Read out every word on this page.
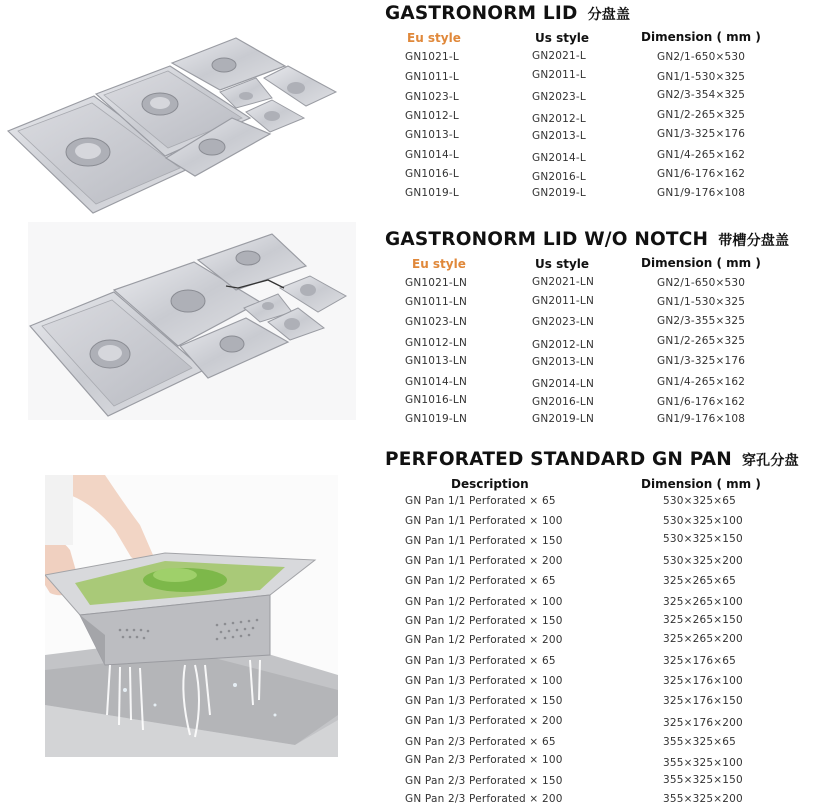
GASTRONORM LID 分盘盖
Eu style	Us style	Dimension ( mm )
GN1021-L	GN2021-L	GN2/1-650×530
GN1011-L	GN2011-L	GN1/1-530×325
GN1023-L	GN2023-L	GN2/3-354×325
GN1012-L	GN2012-L	GN1/2-265×325
GN1013-L	GN2013-L	GN1/3-325×176
GN1014-L	GN2014-L	GN1/4-265×162
GN1016-L	GN2016-L	GN1/6-176×162
GN1019-L	GN2019-L	GN1/9-176×108
GASTRONORM LID W/O NOTCH 带槽分盘盖
Eu style	Us style	Dimension ( mm )
GN1021-LN	GN2021-LN	GN2/1-650×530
GN1011-LN	GN2011-LN	GN1/1-530×325
GN1023-LN	GN2023-LN	GN2/3-355×325
GN1012-LN	GN2012-LN	GN1/2-265×325
GN1013-LN	GN2013-LN	GN1/3-325×176
GN1014-LN	GN2014-LN	GN1/4-265×162
GN1016-LN	GN2016-LN	GN1/6-176×162
GN1019-LN	GN2019-LN	GN1/9-176×108
PERFORATED STANDARD GN PAN 穿孔分盘
Description	Dimension ( mm )
GN Pan 1/1 Perforated × 65	530×325×65
GN Pan 1/1 Perforated × 100	530×325×100
GN Pan 1/1 Perforated × 150	530×325×150
GN Pan 1/1 Perforated × 200	530×325×200
GN Pan 1/2 Perforated × 65	325×265×65
GN Pan 1/2 Perforated × 100	325×265×100
GN Pan 1/2 Perforated × 150	325×265×150
GN Pan 1/2 Perforated × 200	325×265×200
GN Pan 1/3 Perforated × 65	325×176×65
GN Pan 1/3 Perforated × 100	325×176×100
GN Pan 1/3 Perforated × 150	325×176×150
GN Pan 1/3 Perforated × 200	325×176×200
GN Pan 2/3 Perforated × 65	355×325×65
GN Pan 2/3 Perforated × 100	355×325×100
GN Pan 2/3 Perforated × 150	355×325×150
GN Pan 2/3 Perforated × 200	355×325×200
